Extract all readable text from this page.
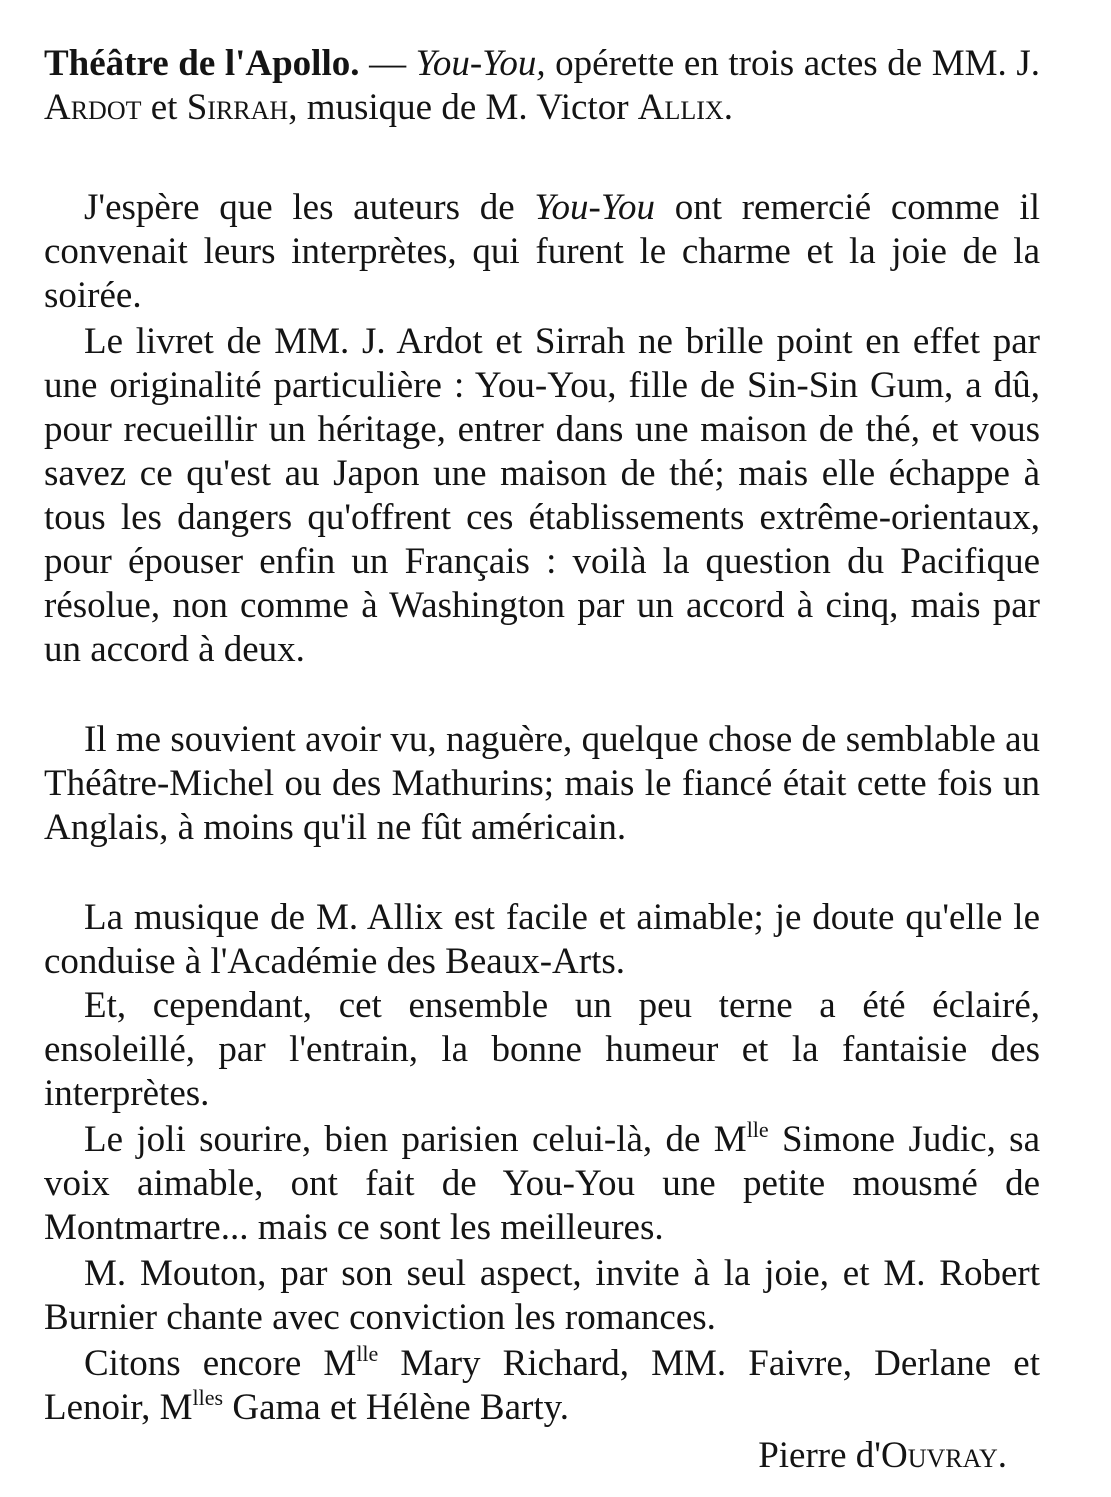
Théâtre de l'Apollo. — You-You, opérette en trois actes de MM. J. Ardot et Sirrah, musique de M. Victor Allix.

J'espère que les auteurs de You-You ont remercié comme il convenait leurs interprètes, qui furent le charme et la joie de la soirée.

Le livret de MM. J. Ardot et Sirrah ne brille point en effet par une originalité particulière : You-You, fille de Sin-Sin Gum, a dû, pour recueillir un héritage, entrer dans une maison de thé, et vous savez ce qu'est au Japon une maison de thé; mais elle échappe à tous les dangers qu'offrent ces établissements extrême-orientaux, pour épouser enfin un Français : voilà la question du Pacifique résolue, non comme à Washington par un accord à cinq, mais par un accord à deux.

Il me souvient avoir vu, naguère, quelque chose de semblable au Théâtre-Michel ou des Mathurins; mais le fiancé était cette fois un Anglais, à moins qu'il ne fût américain.

La musique de M. Allix est facile et aimable; je doute qu'elle le conduise à l'Académie des Beaux-Arts.

Et, cependant, cet ensemble un peu terne a été éclairé, ensoleillé, par l'entrain, la bonne humeur et la fantaisie des interprètes.

Le joli sourire, bien parisien celui-là, de $M^{lle}$ Simone Judic, sa voix aimable, ont fait de You-You une petite mousmé de Montmartre... mais ce sont les meilleures.

M. Mouton, par son seul aspect, invite à la joie, et M. Robert Burnier chante avec conviction les romances.

Citons encore $M^{lle}$ Mary Richard, MM. Faivre, Derlane et Lenoir, $M^{lles}$ Gama et Hélène Barty.

Pierre d'Ouvray.
